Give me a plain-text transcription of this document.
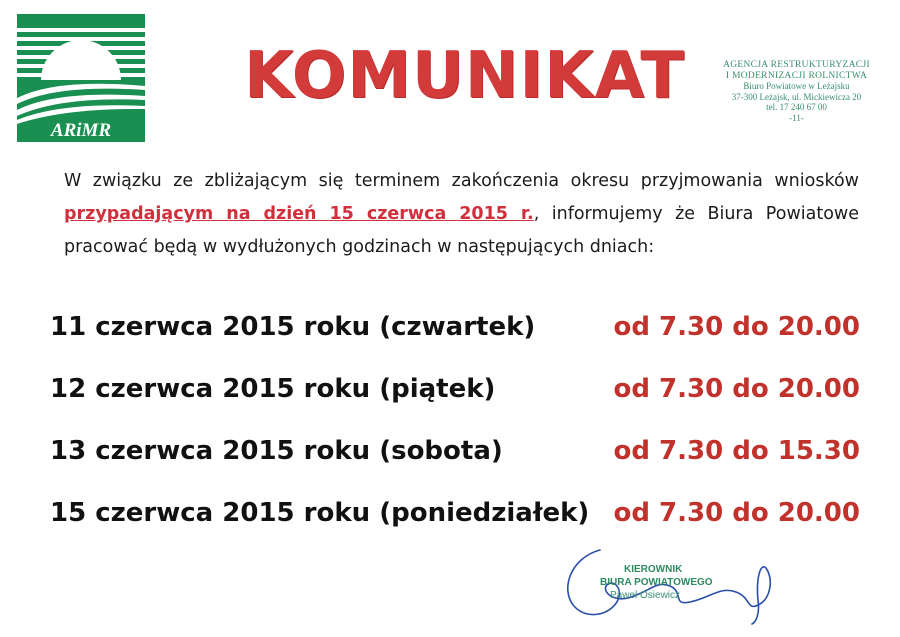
ARiMR
KOMUNIKAT	AGENCJA RESTRUKTURYZACJI
I MODERNIZACJI ROLNICTWA
Biuro Powiatowe w Leżajsku
37-300 Leżajsk, ul. Mickiewicza 20
tel. 17 240 67 00
-11-
W związku ze zbliżającym się terminem zakończenia okresu przyjmowania wniosków przypadającym na dzień 15 czerwca 2015 r., informujemy że Biura Powiatowe pracować będą w wydłużonych godzinach w następujących dniach:
11 czerwca 2015 roku (czwartek)	od 7.30 do 20.00
12 czerwca 2015 roku (piątek)	od 7.30 do 20.00
13 czerwca 2015 roku (sobota)	od 7.30 do 15.30
15 czerwca 2015 roku (poniedziałek) od 7.30 do 20.00
KIEROWNIK
BIURA POWIATOWEGO
Paweł Osiewicz
